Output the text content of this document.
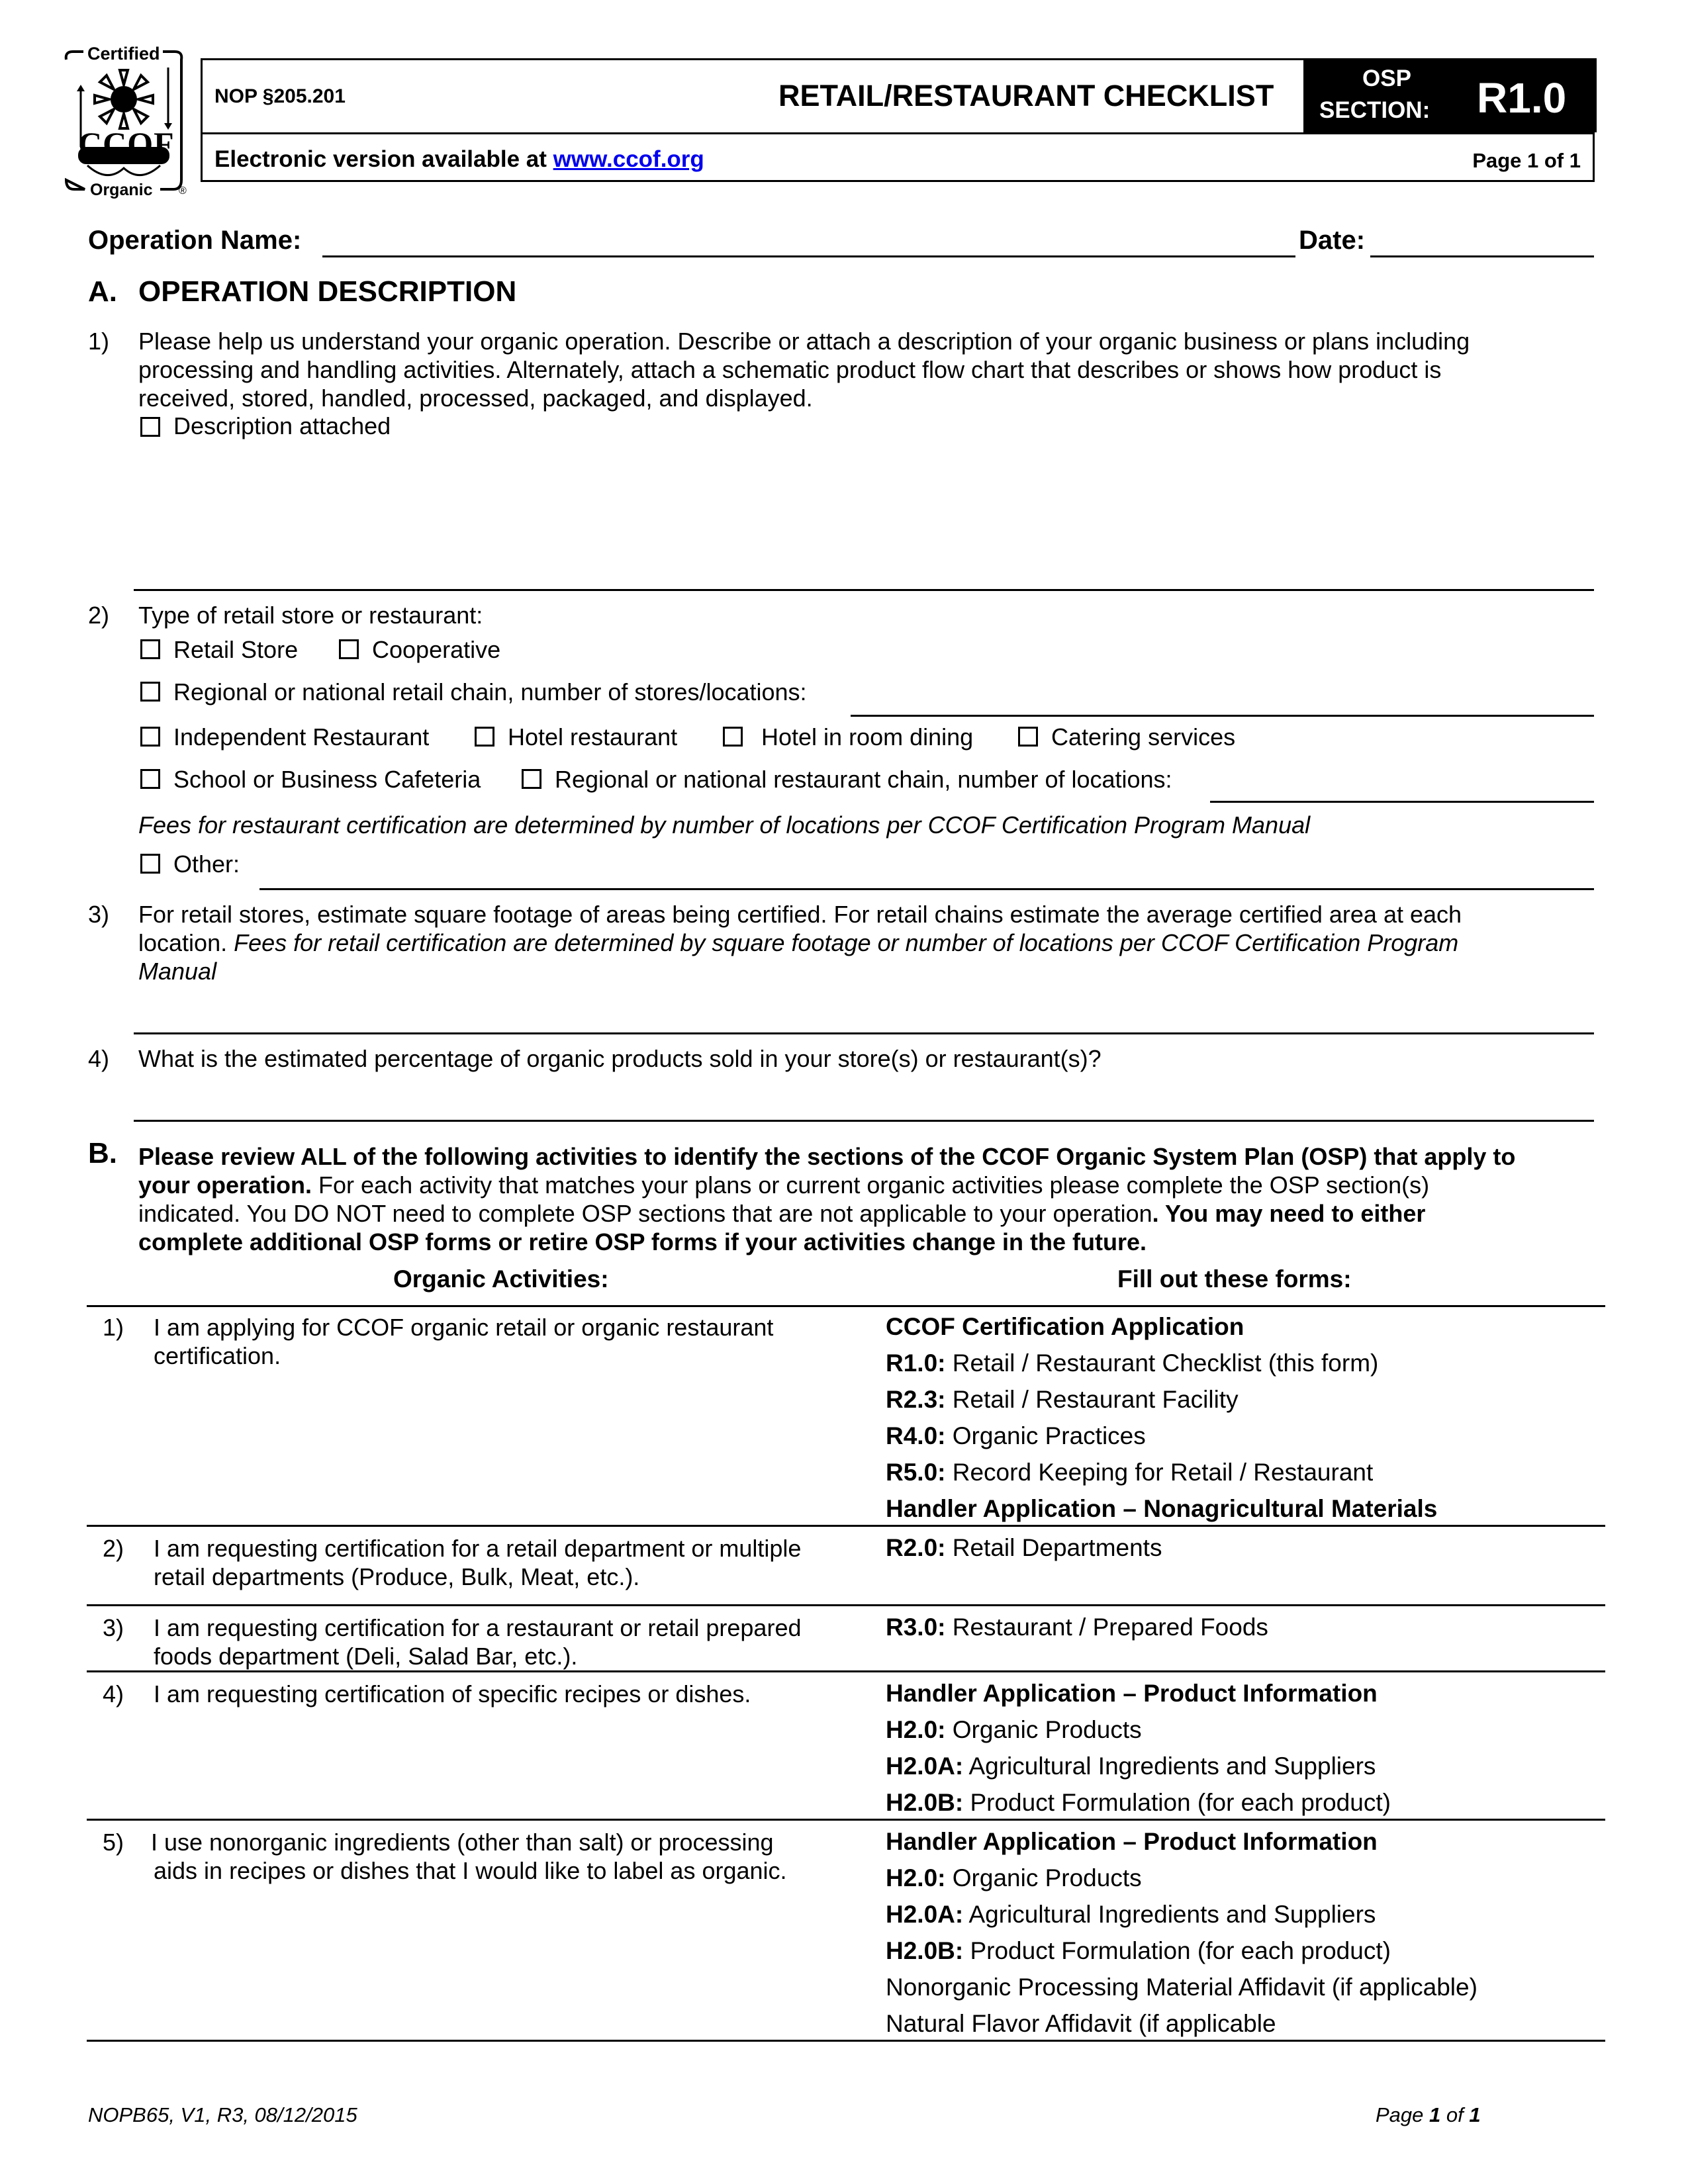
Certified
CCOF
Organic ®
NOP §205.201	RETAIL/RESTAURANT CHECKLIST
OSP
SECTION: R1.0
Electronic version available at www.ccof.org	Page 1 of 1
Operation Name:	Date:
A. OPERATION DESCRIPTION
1) Please help us understand your organic operation. Describe or attach a description of your organic business or plans including
processing and handling activities. Alternately, attach a schematic product flow chart that describes or shows how product is
received, stored, handled, processed, packaged, and displayed.
Description attached
2) Type of retail store or restaurant:
Retail Store	Cooperative
Regional or national retail chain, number of stores/locations:
Independent Restaurant	Hotel restaurant	Hotel in room dining	Catering services
School or Business Cafeteria	Regional or national restaurant chain, number of locations:
Fees for restaurant certification are determined by number of locations per CCOF Certification Program Manual
Other:
3) For retail stores, estimate square footage of areas being certified. For retail chains estimate the average certified area at each
location. Fees for retail certification are determined by square footage or number of locations per CCOF Certification Program
Manual
4) What is the estimated percentage of organic products sold in your store(s) or restaurant(s)?
B. Please review ALL of the following activities to identify the sections of the CCOF Organic System Plan (OSP) that apply to
your operation. For each activity that matches your plans or current organic activities please complete the OSP section(s)
indicated. You DO NOT need to complete OSP sections that are not applicable to your operation. You may need to either
complete additional OSP forms or retire OSP forms if your activities change in the future.
Organic Activities:	Fill out these forms:
1) I am applying for CCOF organic retail or organic restaurant
certification.
CCOF Certification Application
R1.0: Retail / Restaurant Checklist (this form)
R2.3: Retail / Restaurant Facility
R4.0: Organic Practices
R5.0: Record Keeping for Retail / Restaurant
Handler Application – Nonagricultural Materials
2) I am requesting certification for a retail department or multiple
retail departments (Produce, Bulk, Meat, etc.).
R2.0: Retail Departments
3) I am requesting certification for a restaurant or retail prepared
foods department (Deli, Salad Bar, etc.).
R3.0: Restaurant / Prepared Foods
4) I am requesting certification of specific recipes or dishes.	Handler Application – Product Information
H2.0: Organic Products
H2.0A: Agricultural Ingredients and Suppliers
H2.0B: Product Formulation (for each product)
5) I use nonorganic ingredients (other than salt) or processing
aids in recipes or dishes that I would like to label as organic.
Handler Application – Product Information
H2.0: Organic Products
H2.0A: Agricultural Ingredients and Suppliers
H2.0B: Product Formulation (for each product)
Nonorganic Processing Material Affidavit (if applicable)
Natural Flavor Affidavit (if applicable
NOPB65, V1, R3, 08/12/2015	Page 1 of 1
